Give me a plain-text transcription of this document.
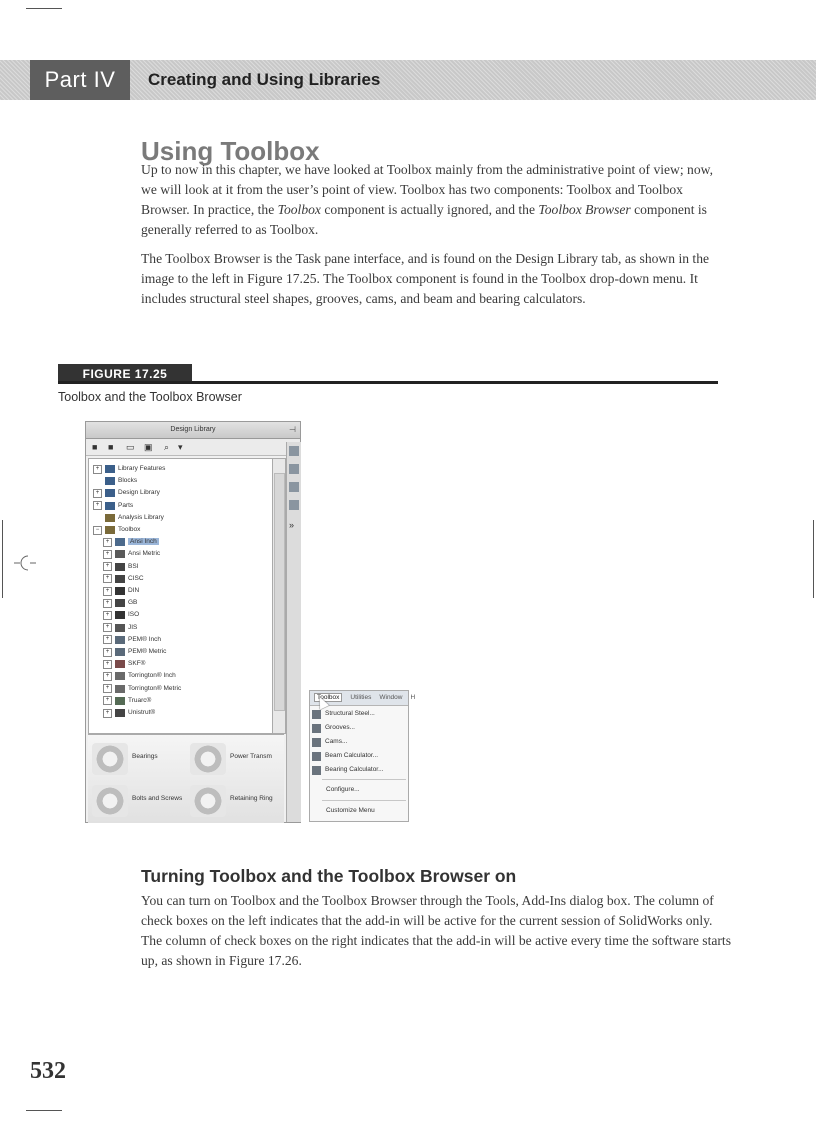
Part IV	Creating and Using Libraries
Using Toolbox

Up to now in this chapter, we have looked at Toolbox mainly from the administrative point of view; now, we will look at it from the user’s point of view. Toolbox has two components: Toolbox and Toolbox Browser. In practice, the Toolbox component is actually ignored, and the Toolbox Browser component is generally referred to as Toolbox.

The Toolbox Browser is the Task pane interface, and is found on the Design Library tab, as shown in the image to the left in Figure 17.25. The Toolbox component is found in the Toolbox drop-down menu. It includes structural steel shapes, grooves, cams, and beam and bearing calculators.

FIGURE 17.25
Toolbox and the Toolbox Browser
Design Library	⊣
■	■	▭ ▣ ⌕ ▾
+	Library Features
Blocks
+	Design Library
+	Parts
Analysis Library
−	Toolbox
+	Ansi Inch
+	Ansi Metric
+	BSI
+	CISC
+	DIN
+	GB
+	ISO
+	JIS
+	PEM® Inch
+	PEM® Metric
+	SKF®
+	Torrington® Inch
+	Torrington® Metric
+	Truarc®
+	Unistrut®
»
Bearings	Power Transm
Bolts and Screws	Retaining Ring
Toolbox Utilities Window H
Structural Steel...
Grooves...
Cams...
Beam Calculator...
Bearing Calculator...
Configure...
Customize Menu
Turning Toolbox and the Toolbox Browser on

You can turn on Toolbox and the Toolbox Browser through the Tools, Add-Ins dialog box. The column of check boxes on the left indicates that the add-in will be active for the current session of SolidWorks only. The column of check boxes on the right indicates that the add-in will be active every time the software starts up, as shown in Figure 17.26.

532
